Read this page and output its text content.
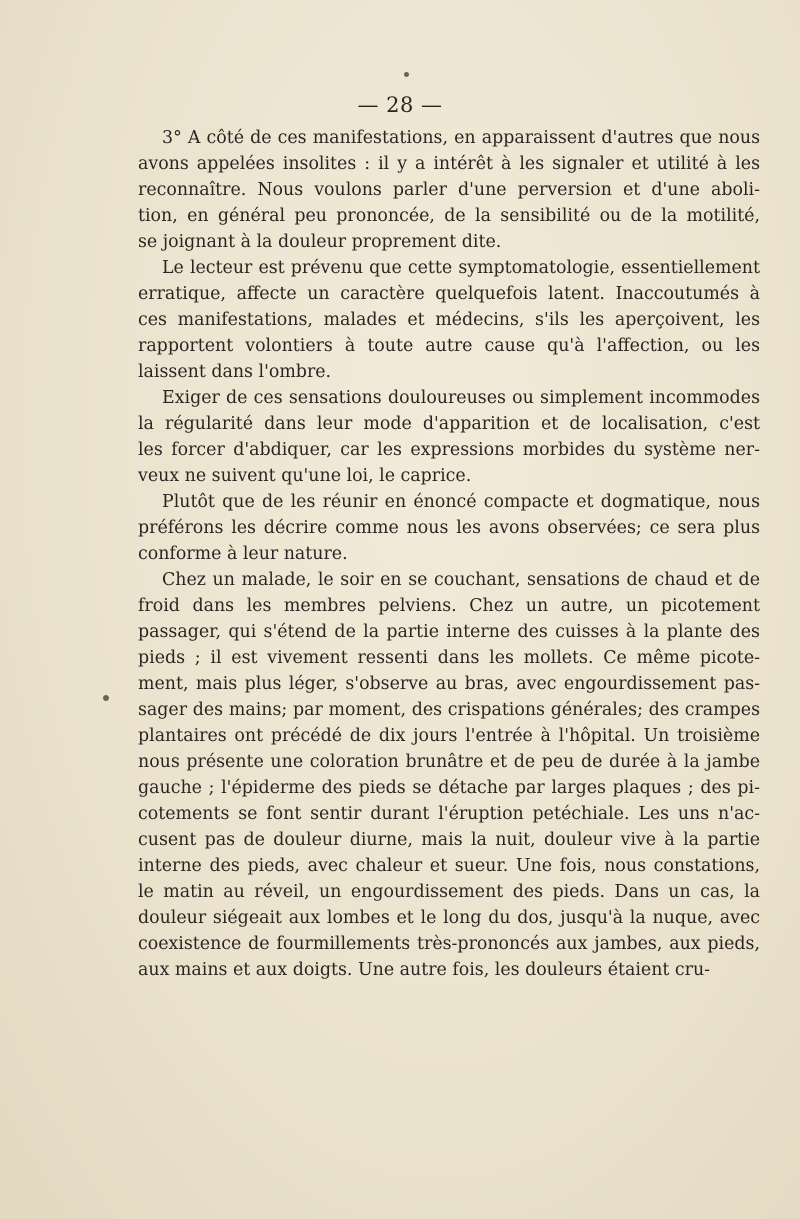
— 28 —
3° A côté de ces manifestations, en apparaissent d'autres que nous
avons appelées insolites : il y a intérêt à les signaler et utilité à les
reconnaître. Nous voulons parler d'une perversion et d'une aboli-
tion, en général peu prononcée, de la sensibilité ou de la motilité,
se joignant à la douleur proprement dite.
Le lecteur est prévenu que cette symptomatologie, essentiellement
erratique, affecte un caractère quelquefois latent. Inaccoutumés à
ces manifestations, malades et médecins, s'ils les aperçoivent, les
rapportent volontiers à toute autre cause qu'à l'affection, ou les
laissent dans l'ombre.
Exiger de ces sensations douloureuses ou simplement incommodes
la régularité dans leur mode d'apparition et de localisation, c'est
les forcer d'abdiquer, car les expressions morbides du système ner-
veux ne suivent qu'une loi, le caprice.
Plutôt que de les réunir en énoncé compacte et dogmatique, nous
préférons les décrire comme nous les avons observées; ce sera plus
conforme à leur nature.
Chez un malade, le soir en se couchant, sensations de chaud et de
froid dans les membres pelviens. Chez un autre, un picotement
passager, qui s'étend de la partie interne des cuisses à la plante des
pieds ; il est vivement ressenti dans les mollets. Ce même picote-
ment, mais plus léger, s'observe au bras, avec engourdissement pas-
sager des mains; par moment, des crispations générales; des crampes
plantaires ont précédé de dix jours l'entrée à l'hôpital. Un troisième
nous présente une coloration brunâtre et de peu de durée à la jambe
gauche ; l'épiderme des pieds se détache par larges plaques ; des pi-
cotements se font sentir durant l'éruption petéchiale. Les uns n'ac-
cusent pas de douleur diurne, mais la nuit, douleur vive à la partie
interne des pieds, avec chaleur et sueur. Une fois, nous constations,
le matin au réveil, un engourdissement des pieds. Dans un cas, la
douleur siégeait aux lombes et le long du dos, jusqu'à la nuque, avec
coexistence de fourmillements très-prononcés aux jambes, aux pieds,
aux mains et aux doigts. Une autre fois, les douleurs étaient cru-
